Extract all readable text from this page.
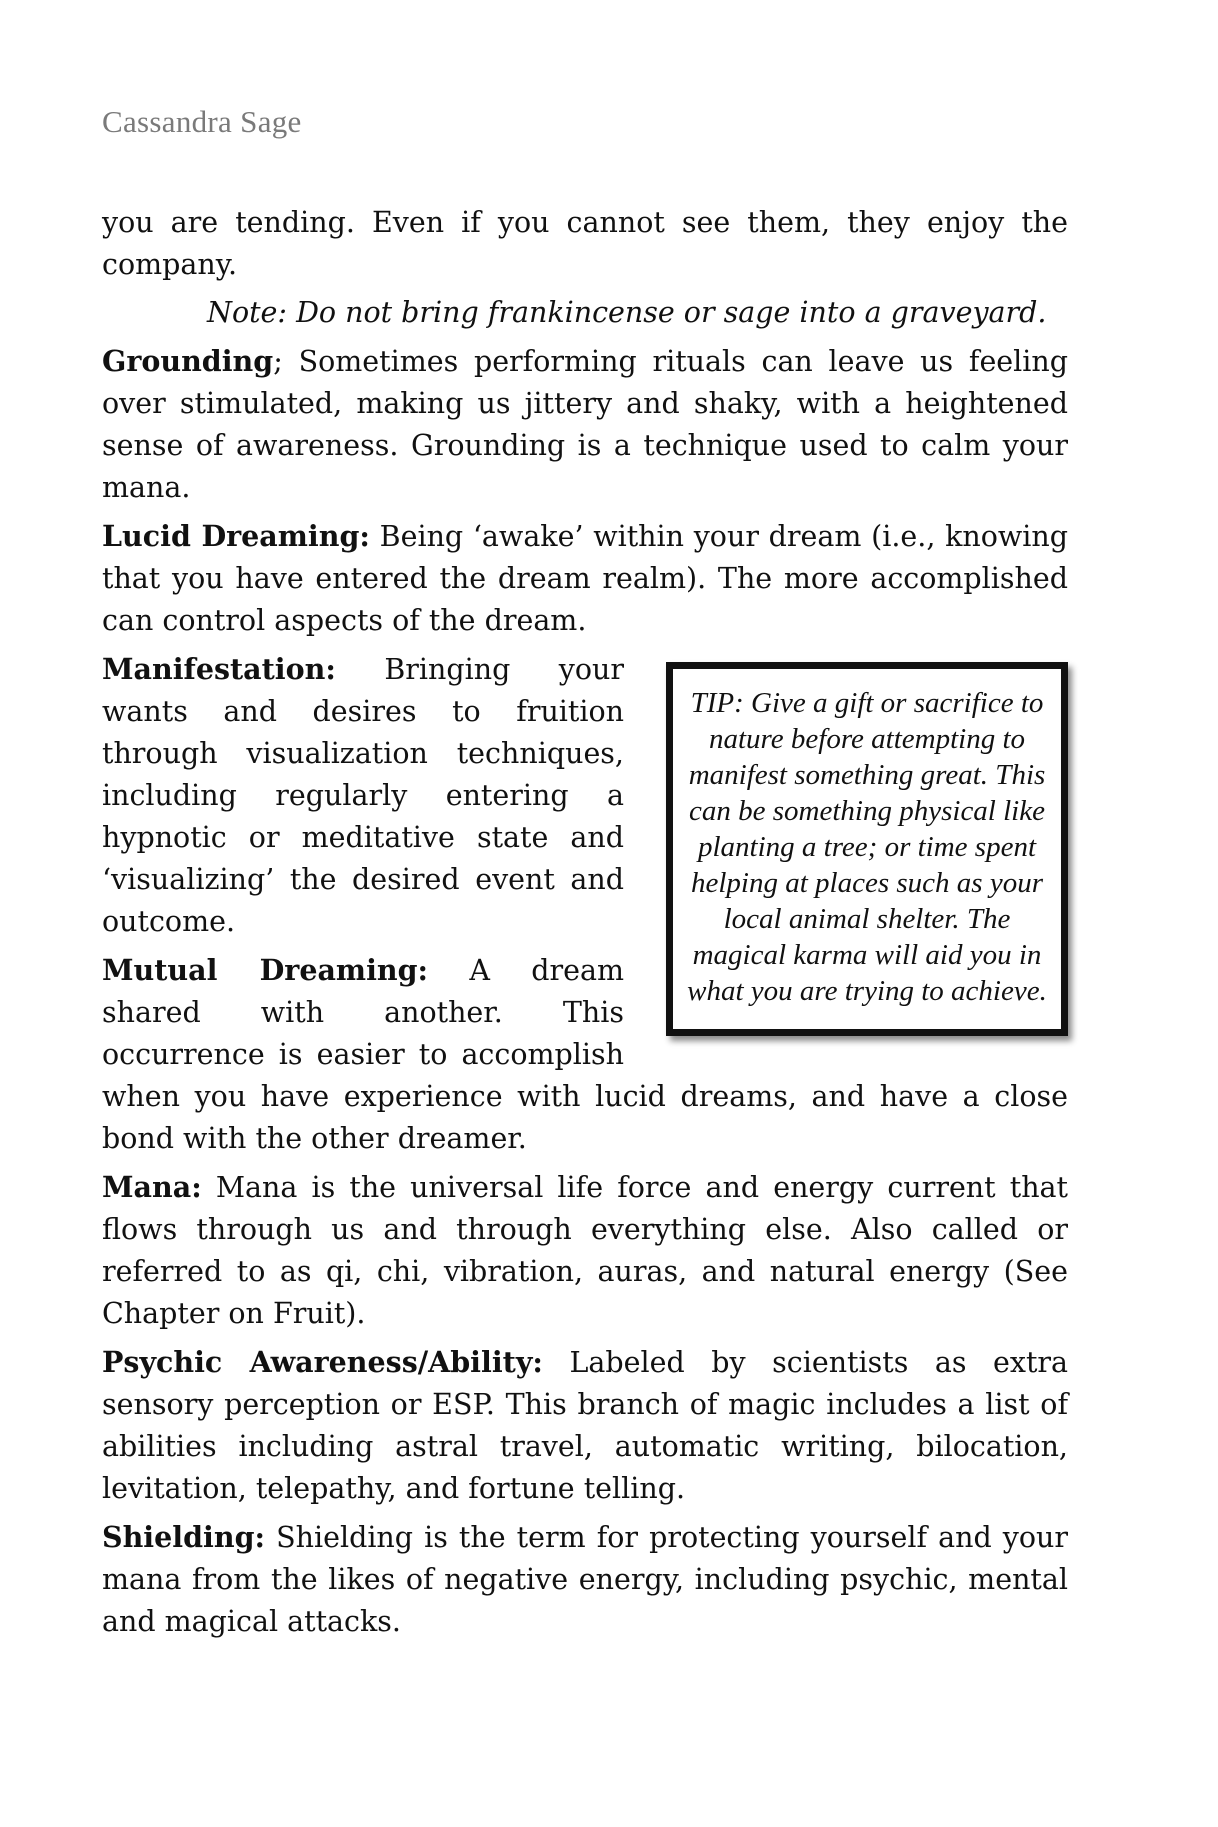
Cassandra Sage

you are tending. Even if you cannot see them, they enjoy the company.

Note: Do not bring frankincense or sage into a graveyard.

Grounding; Sometimes performing rituals can leave us feeling over stimulated, making us jittery and shaky, with a heightened sense of awareness. Grounding is a technique used to calm your mana.

Lucid Dreaming: Being ‘awake’ within your dream (i.e., knowing that you have entered the dream realm). The more accomplished can control aspects of the dream.

TIP: Give a gift or sacrifice to nature before attempting to manifest something great. This can be something physical like planting a tree; or time spent helping at places such as your local animal shelter. The magical karma will aid you in what you are trying to achieve.

Manifestation: Bringing your wants and desires to fruition through visualization techniques, including regularly entering a hypnotic or meditative state and ‘visualizing’ the desired event and outcome.

Mutual Dreaming: A dream shared with another. This occurrence is easier to accomplish when you have experience with lucid dreams, and have a close bond with the other dreamer.

Mana: Mana is the universal life force and energy current that flows through us and through everything else. Also called or referred to as qi, chi, vibration, auras, and natural energy (See Chapter on Fruit).

Psychic Awareness/Ability: Labeled by scientists as extra sensory perception or ESP. This branch of magic includes a list of abilities including astral travel, automatic writing, bilocation, levitation, telepathy, and fortune telling.

Shielding: Shielding is the term for protecting yourself and your mana from the likes of negative energy, including psychic, mental and magical attacks.
